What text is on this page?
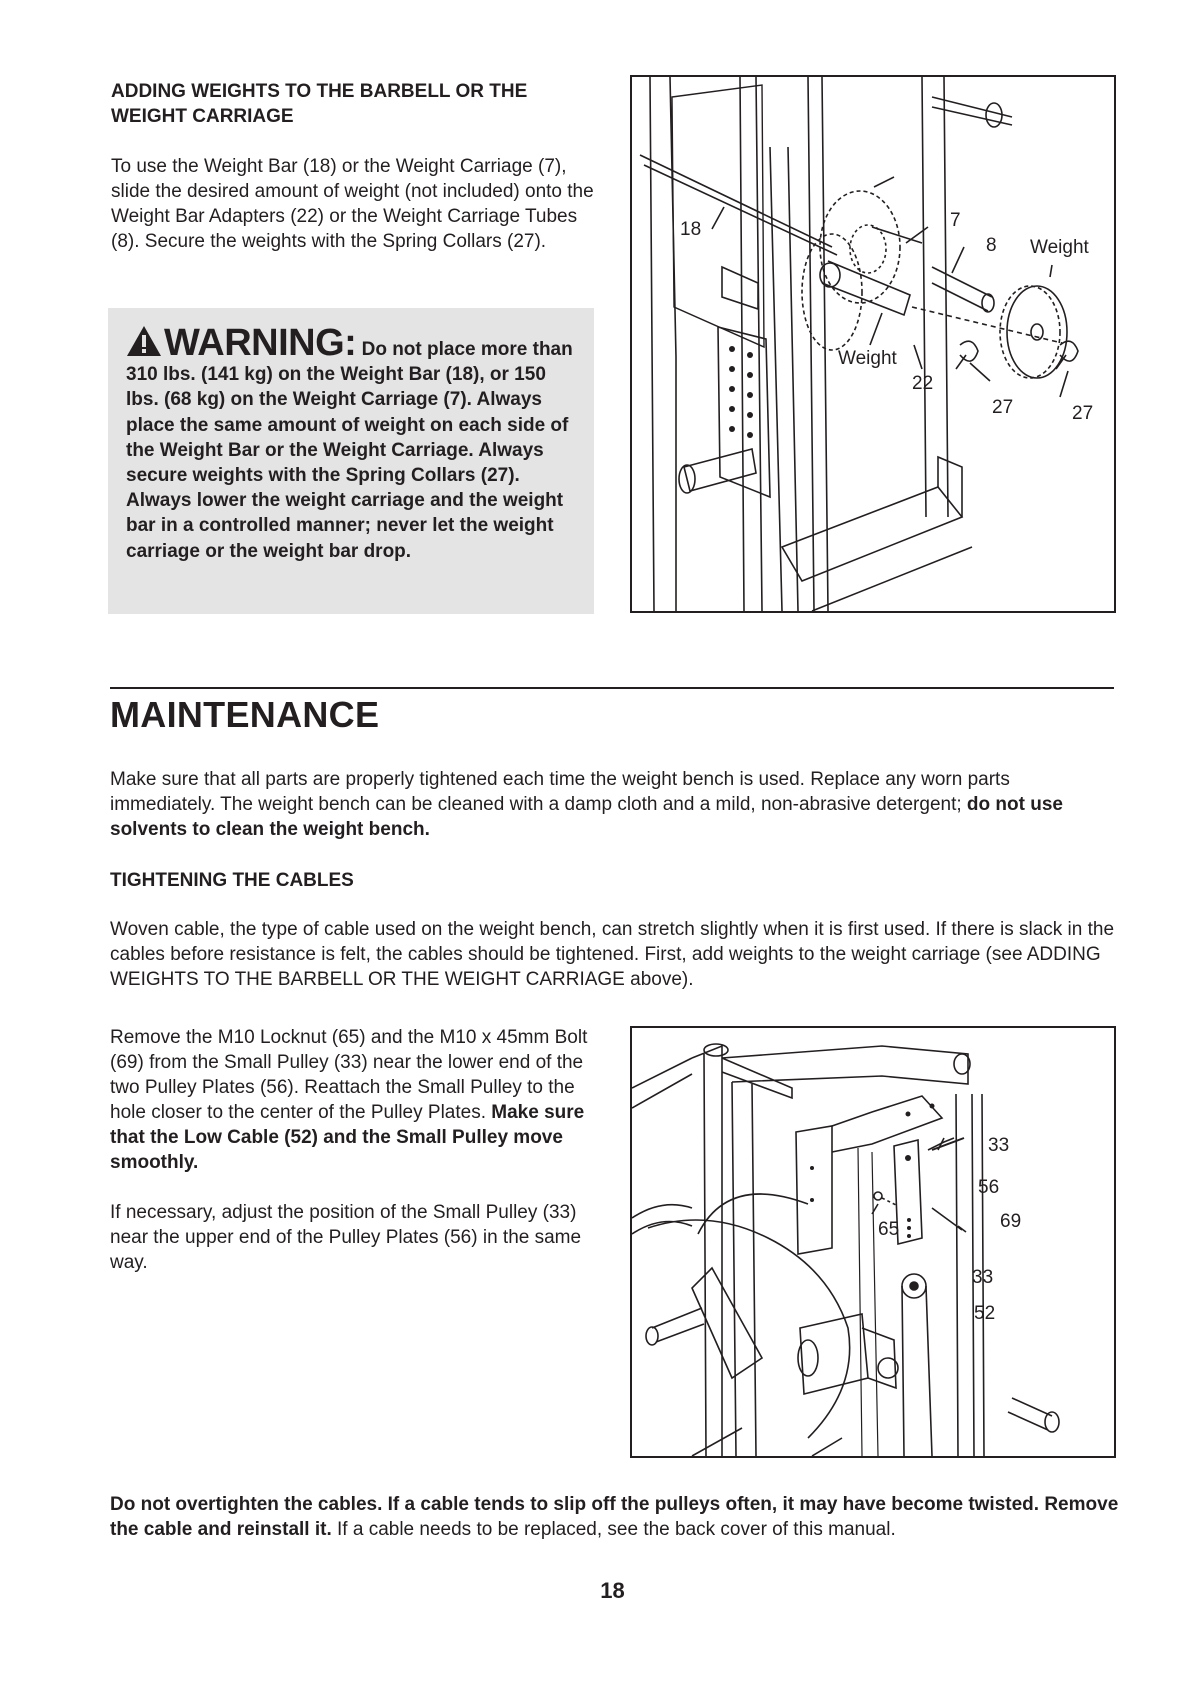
ADDING WEIGHTS TO THE BARBELL OR THE WEIGHT CARRIAGE

To use the Weight Bar (18) or the Weight Carriage (7), slide the desired amount of weight (not included) onto the Weight Bar Adapters (22) or the Weight Carriage Tubes (8). Secure the weights with the Spring Collars (27).

WARNING: Do not place more than 310 lbs. (141 kg) on the Weight Bar (18), or 150 lbs. (68 kg) on the Weight Carriage (7). Always place the same amount of weight on each side of the Weight Bar or the Weight Carriage. Always secure weights with the Spring Collars (27). Always lower the weight carriage and the weight bar in a controlled manner; never let the weight carriage or the weight bar drop.

18	7
8 Weight
Weight
22
27	27
MAINTENANCE

Make sure that all parts are properly tightened each time the weight bench is used. Replace any worn parts immediately. The weight bench can be cleaned with a damp cloth and a mild, non-abrasive detergent; do not use solvents to clean the weight bench.

TIGHTENING THE CABLES

Woven cable, the type of cable used on the weight bench, can stretch slightly when it is first used. If there is slack in the cables before resistance is felt, the cables should be tightened. First, add weights to the weight carriage (see ADDING WEIGHTS TO THE BARBELL OR THE WEIGHT CARRIAGE above).

Remove the M10 Locknut (65) and the M10 x 45mm Bolt (69) from the Small Pulley (33) near the lower end of the two Pulley Plates (56). Reattach the Small Pulley to the hole closer to the center of the Pulley Plates. Make sure that the Low Cable (52) and the Small Pulley move smoothly.

If necessary, adjust the position of the Small Pulley (33) near the upper end of the Pulley Plates (56) in the same way.

33
56
69
65
33
52

Do not overtighten the cables. If a cable tends to slip off the pulleys often, it may have become twisted. Remove the cable and reinstall it. If a cable needs to be replaced, see the back cover of this manual.

18
